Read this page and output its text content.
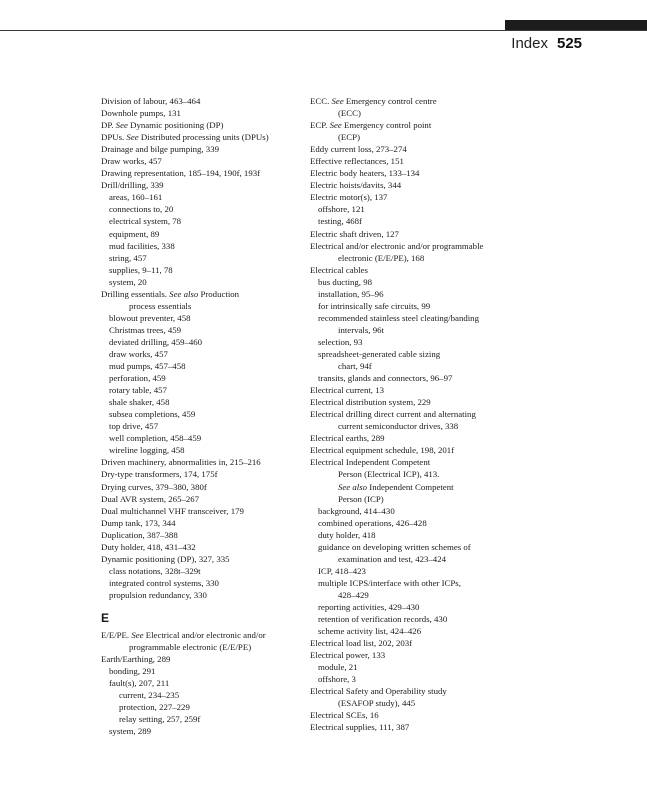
Index 525
Division of labour, 463–464
Downhole pumps, 131
DP. See Dynamic positioning (DP)
DPUs. See Distributed processing units (DPUs)
Drainage and bilge pumping, 339
Draw works, 457
Drawing representation, 185–194, 190f, 193f
Drill/drilling, 339
areas, 160–161
connections to, 20
electrical system, 78
equipment, 89
mud facilities, 338
string, 457
supplies, 9–11, 78
system, 20
Drilling essentials. See also Production
process essentials
blowout preventer, 458
Christmas trees, 459
deviated drilling, 459–460
draw works, 457
mud pumps, 457–458
perforation, 459
rotary table, 457
shale shaker, 458
subsea completions, 459
top drive, 457
well completion, 458–459
wireline logging, 458
Driven machinery, abnormalities in, 215–216
Dry-type transformers, 174, 175f
Drying curves, 379–380, 380f
Dual AVR system, 265–267
Dual multichannel VHF transceiver, 179
Dump tank, 173, 344
Duplication, 387–388
Duty holder, 418, 431–432
Dynamic positioning (DP), 327, 335
class notations, 328t–329t
integrated control systems, 330
propulsion redundancy, 330
E
E/E/PE. See Electrical and/or electronic and/or
programmable electronic (E/E/PE)
Earth/Earthing, 289
bonding, 291
fault(s), 207, 211
current, 234–235
protection, 227–229
relay setting, 257, 259f
system, 289
ECC. See Emergency control centre
(ECC)
ECP. See Emergency control point
(ECP)
Eddy current loss, 273–274
Effective reflectances, 151
Electric body heaters, 133–134
Electric hoists/davits, 344
Electric motor(s), 137
offshore, 121
testing, 468f
Electric shaft driven, 127
Electrical and/or electronic and/or programmable
electronic (E/E/PE), 168
Electrical cables
bus ducting, 98
installation, 95–96
for intrinsically safe circuits, 99
recommended stainless steel cleating/banding
intervals, 96t
selection, 93
spreadsheet-generated cable sizing
chart, 94f
transits, glands and connectors, 96–97
Electrical current, 13
Electrical distribution system, 229
Electrical drilling direct current and alternating
current semiconductor drives, 338
Electrical earths, 289
Electrical equipment schedule, 198, 201f
Electrical Independent Competent
Person (Electrical ICP), 413.
See also Independent Competent
Person (ICP)
background, 414–430
combined operations, 426–428
duty holder, 418
guidance on developing written schemes of
examination and test, 423–424
ICP, 418–423
multiple ICPS/interface with other ICPs,
428–429
reporting activities, 429–430
retention of verification records, 430
scheme activity list, 424–426
Electrical load list, 202, 203f
Electrical power, 133
module, 21
offshore, 3
Electrical Safety and Operability study
(ESAFOP study), 445
Electrical SCEs, 16
Electrical supplies, 111, 387
